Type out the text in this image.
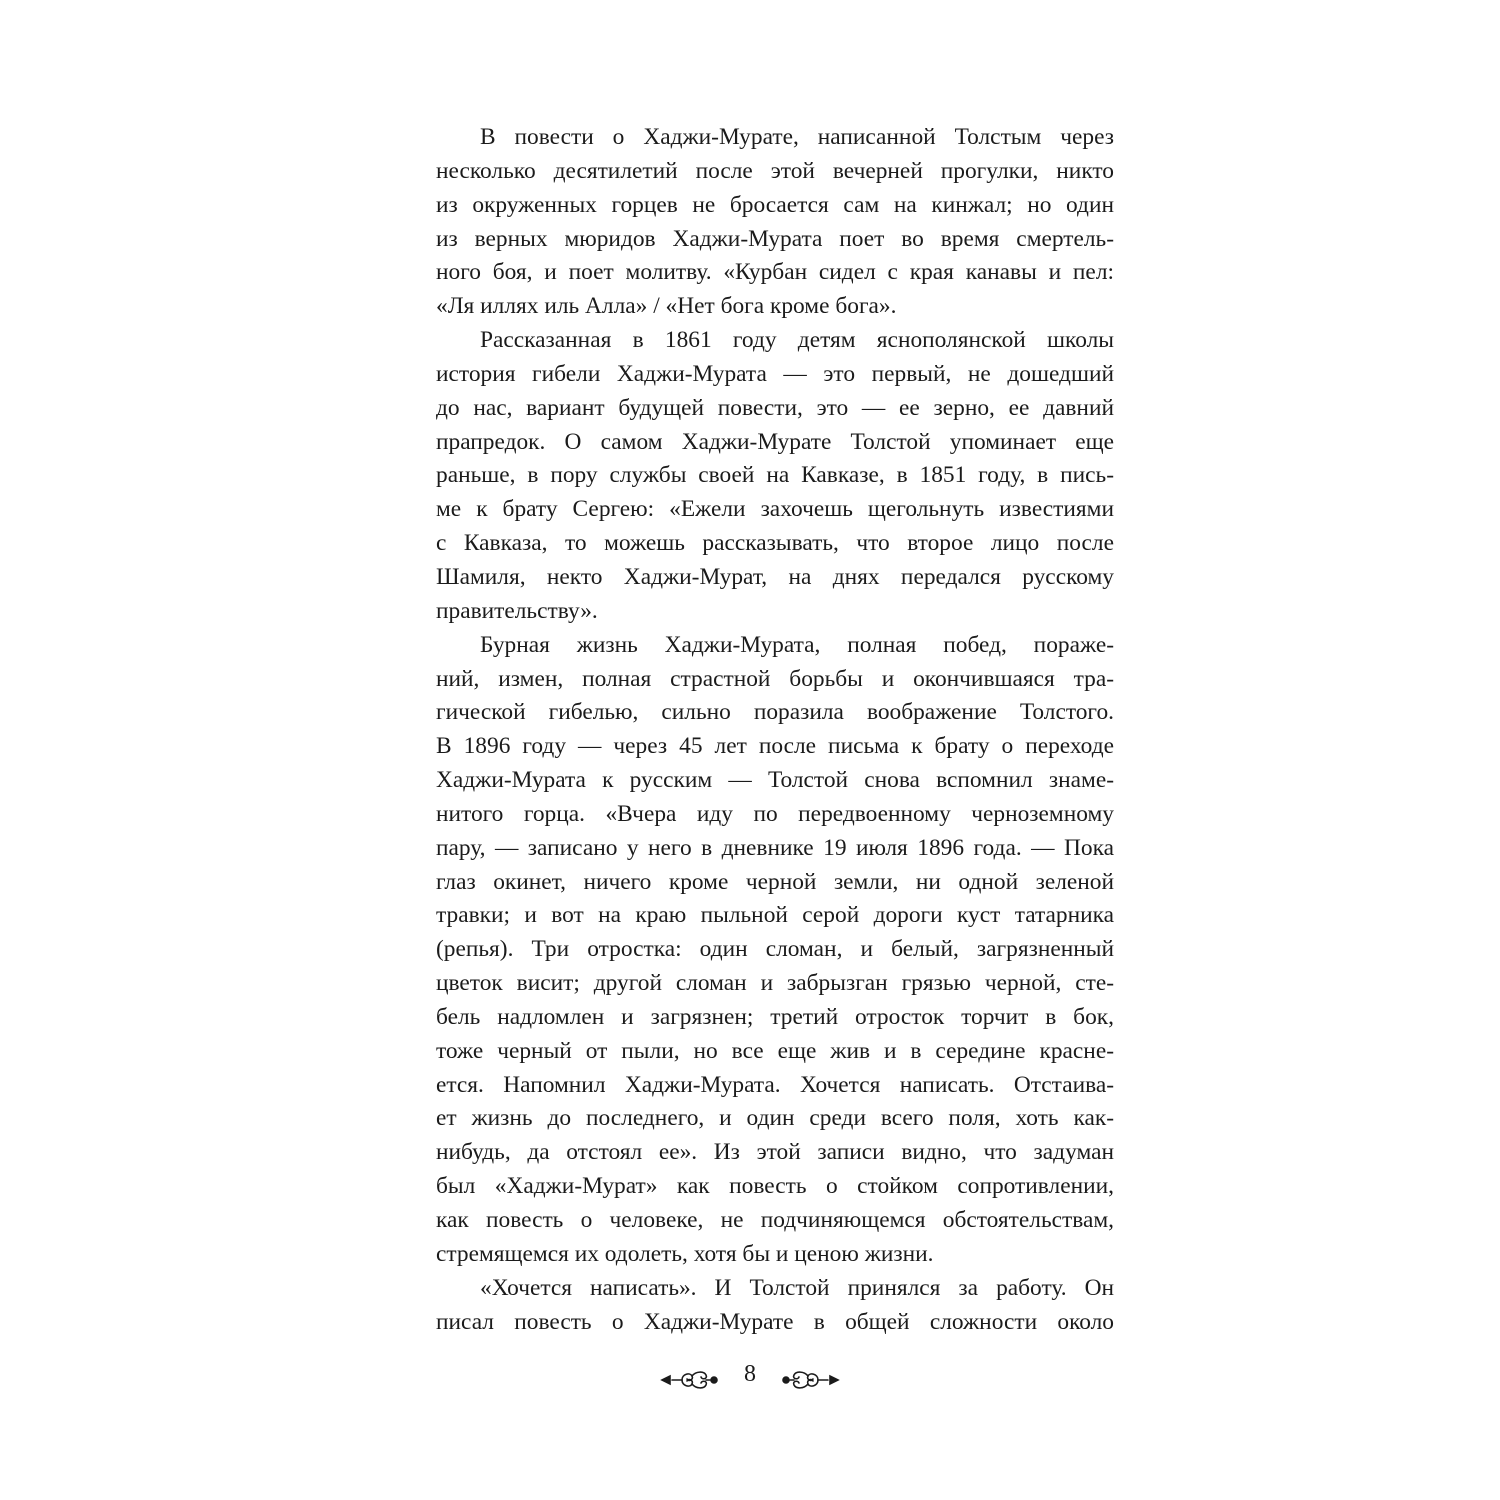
В повести о Хаджи-Мурате, написанной Толстым через
несколько десятилетий после этой вечерней прогулки, никто
из окруженных горцев не бросается сам на кинжал; но один
из верных мюридов Хаджи-Мурата поет во время смертель-
ного боя, и поет молитву. «Курбан сидел с края канавы и пел:
«Ля иллях иль Алла» / «Нет бога кроме бога».
Рассказанная в 1861 году детям яснополянской школы
история гибели Хаджи-Мурата — это первый, не дошедший
до нас, вариант будущей повести, это — ее зерно, ее давний
прапредок. О самом Хаджи-Мурате Толстой упоминает еще
раньше, в пору службы своей на Кавказе, в 1851 году, в пись-
ме к брату Сергею: «Ежели захочешь щегольнуть известиями
с Кавказа, то можешь рассказывать, что второе лицо после
Шамиля, некто Хаджи-Мурат, на днях передался русскому
правительству».
Бурная жизнь Хаджи-Мурата, полная побед, пораже-
ний, измен, полная страстной борьбы и окончившаяся тра-
гической гибелью, сильно поразила воображение Толстого.
В 1896 году — через 45 лет после письма к брату о переходе
Хаджи-Мурата к русским — Толстой снова вспомнил знаме-
нитого горца. «Вчера иду по передвоенному черноземному
пару, — записано у него в дневнике 19 июля 1896 года. — Пока
глаз окинет, ничего кроме черной земли, ни одной зеленой
травки; и вот на краю пыльной серой дороги куст татарника
(репья). Три отростка: один сломан, и белый, загрязненный
цветок висит; другой сломан и забрызган грязью черной, сте-
бель надломлен и загрязнен; третий отросток торчит в бок,
тоже черный от пыли, но все еще жив и в середине красне-
ется. Напомнил Хаджи-Мурата. Хочется написать. Отстаива-
ет жизнь до последнего, и один среди всего поля, хоть как-
нибудь, да отстоял ее». Из этой записи видно, что задуман
был «Хаджи-Мурат» как повесть о стойком сопротивлении,
как повесть о человеке, не подчиняющемся обстоятельствам,
стремящемся их одолеть, хотя бы и ценою жизни.
«Хочется написать». И Толстой принялся за работу. Он
писал повесть о Хаджи-Мурате в общей сложности около
8
